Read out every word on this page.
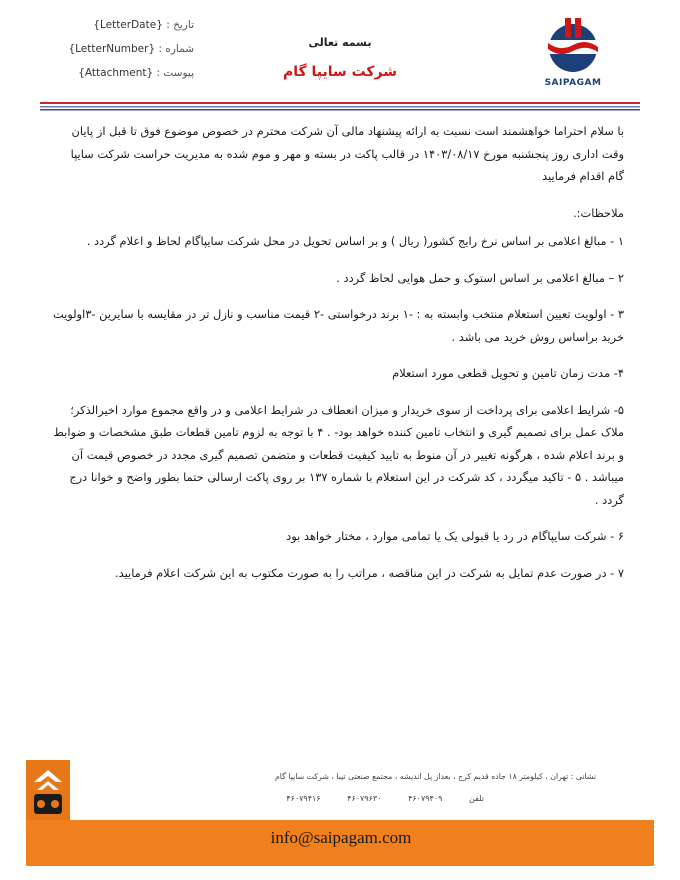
تاریخ : {LetterDate}
شماره : {LetterNumber}
پیوست : {Attachment}
بسمه تعالی
شرکت سایپا گام
SAIPAGAM

با سلام احتراما خواهشمند است نسبت به ارائه پیشنهاد مالی آن شرکت محترم در خصوص موضوع فوق تا قبل از پایان وقت اداری روز پنجشنبه مورخ ۱۴۰۳/۰۸/۱۷ در قالب پاکت در بسته و مهر و موم شده به مدیریت حراست شرکت سایپا گام اقدام فرمایید

ملاحظات:.

۱ - مبالغ اعلامی بر اساس نرخ رایج کشور( ریال ) و بر اساس تحویل در محل شرکت سایپاگام لحاظ و اعلام گردد .

۲ – مبالغ اعلامی بر اساس استوک و حمل هوایی لحاظ گردد .

۳ - اولویت تعیین استعلام منتخب وابسته به : -۱ برند درخواستی -۲ قیمت مناسب و نازل تر در مقایسه با سایرین -۳اولویت خرید براساس روش خرید می باشد .

۴- مدت زمان تامین و تحویل قطعی مورد استعلام

۵- شرایط اعلامی برای پرداخت از سوی خریدار و میزان انعطاف در شرایط اعلامی و در واقع مجموع موارد اخیرالذکر؛ ملاک عمل برای تصمیم گیری و انتخاب تامین کننده خواهد بود- . ۴ با توجه به لزوم تامین قطعات طبق مشخصات و ضوابط و برند اعلام شده ، هرگونه تغییر در آن منوط به تایید کیفیت قطعات و متضمن تصمیم گیری مجدد در خصوص قیمت آن میباشد . ۵ - تاکید میگردد ، کد شرکت در این استعلام با شماره ۱۳۷ بر روی پاکت ارسالی حتما بطور واضح و خوانا درج گردد .

۶ - شرکت سایپاگام در رد یا قبولی یک یا تمامی موارد ، مختار خواهد بود

۷ - در صورت عدم تمایل به شرکت در این مناقصه ، مراتب را به صورت مکتوب به این شرکت اعلام فرمایید.

نشانی : تهران ، کیلومتر ۱۸ جاده قدیم کرج ، بعداز پل اندیشه ، مجتمع صنعتی تیبا ، شرکت سایپا گام
تلفن ۴۶۰۷۹۴۰۹ ۴۶۰۷۹۶۳۰ ۴۶۰۷۹۴۱۶
info@saipagam.com
